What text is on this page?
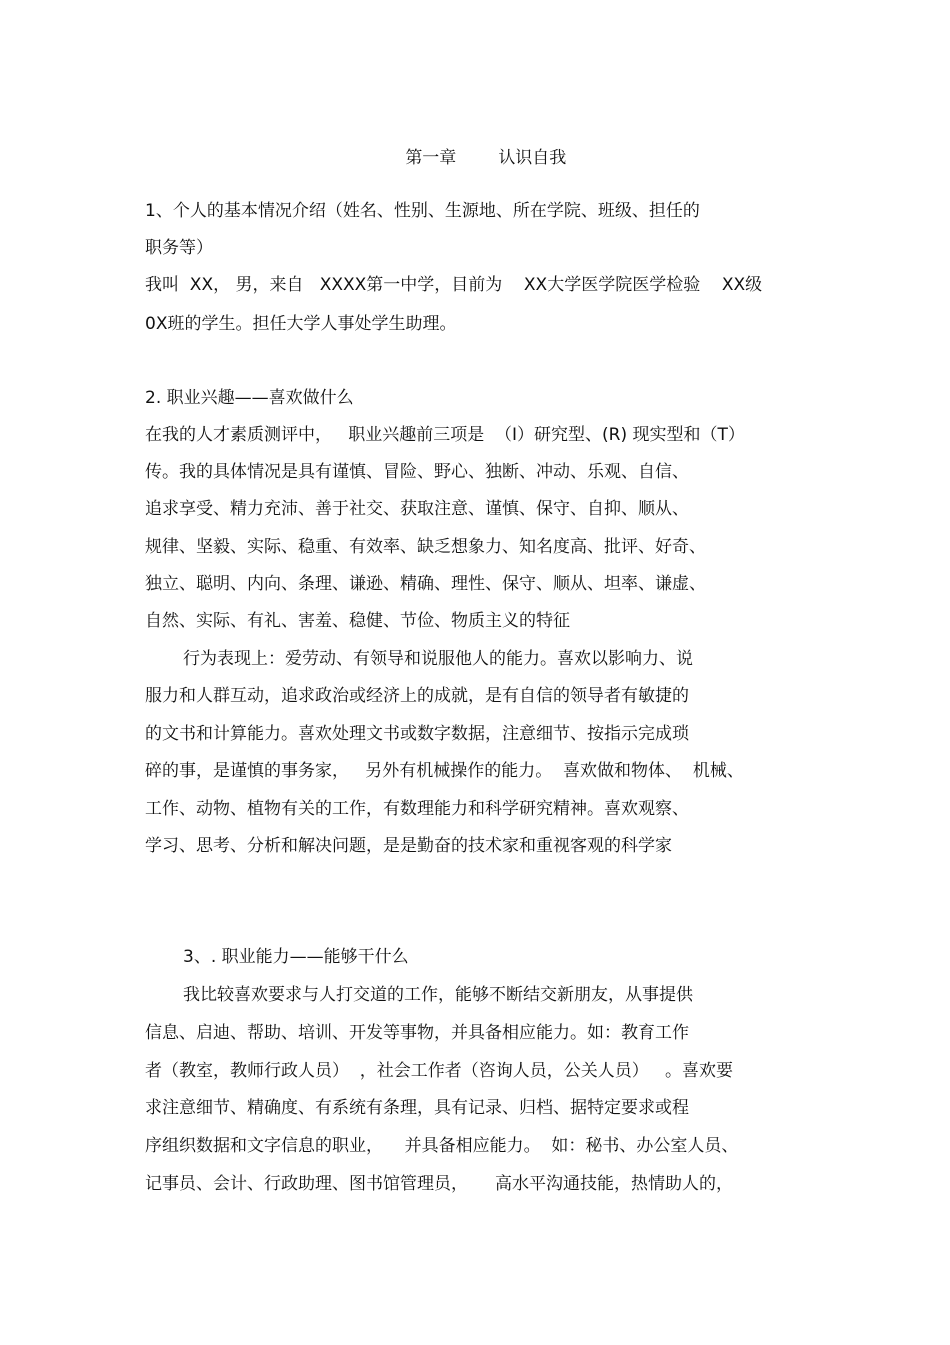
第一章 认识自我

1、个人的基本情况介绍（姓名、性别、生源地、所在学院、班级、担任的
职务等）
我叫  XX， 男，来自   XXXX第一中学，目前为    XX大学医学院医学检验    XX级
0X班的学生。担任大学人事处学生助理。
2. 职业兴趣——喜欢做什么
在我的人才素质测评中，   职业兴趣前三项是  （I）研究型、(R) 现实型和（T）
传。我的具体情况是具有谨慎、冒险、野心、独断、冲动、乐观、自信、
追求享受、精力充沛、善于社交、获取注意、谨慎、保守、自抑、顺从、
规律、坚毅、实际、稳重、有效率、缺乏想象力、知名度高、批评、好奇、
独立、聪明、内向、条理、谦逊、精确、理性、保守、顺从、坦率、谦虚、
自然、实际、有礼、害羞、稳健、节俭、物质主义的特征
行为表现上：爱劳动、有领导和说服他人的能力。喜欢以影响力、说
服力和人群互动，追求政治或经济上的成就，是有自信的领导者有敏捷的
的文书和计算能力。喜欢处理文书或数字数据，注意细节、按指示完成琐
碎的事，是谨慎的事务家，   另外有机械操作的能力。  喜欢做和物体、  机械、
工作、动物、植物有关的工作，有数理能力和科学研究精神。喜欢观察、
学习、思考、分析和解决问题，是是勤奋的技术家和重视客观的科学家
3、. 职业能力——能够干什么
我比较喜欢要求与人打交道的工作，能够不断结交新朋友，从事提供
信息、启迪、帮助、培训、开发等事物，并具备相应能力。如：教育工作
者（教室，教师行政人员）  ，社会工作者（咨询人员，公关人员）   。喜欢要
求注意细节、精确度、有系统有条理，具有记录、归档、据特定要求或程
序组织数据和文字信息的职业，    并具备相应能力。  如：秘书、办公室人员、
记事员、会计、行政助理、图书馆管理员，     高水平沟通技能，热情助人的，
